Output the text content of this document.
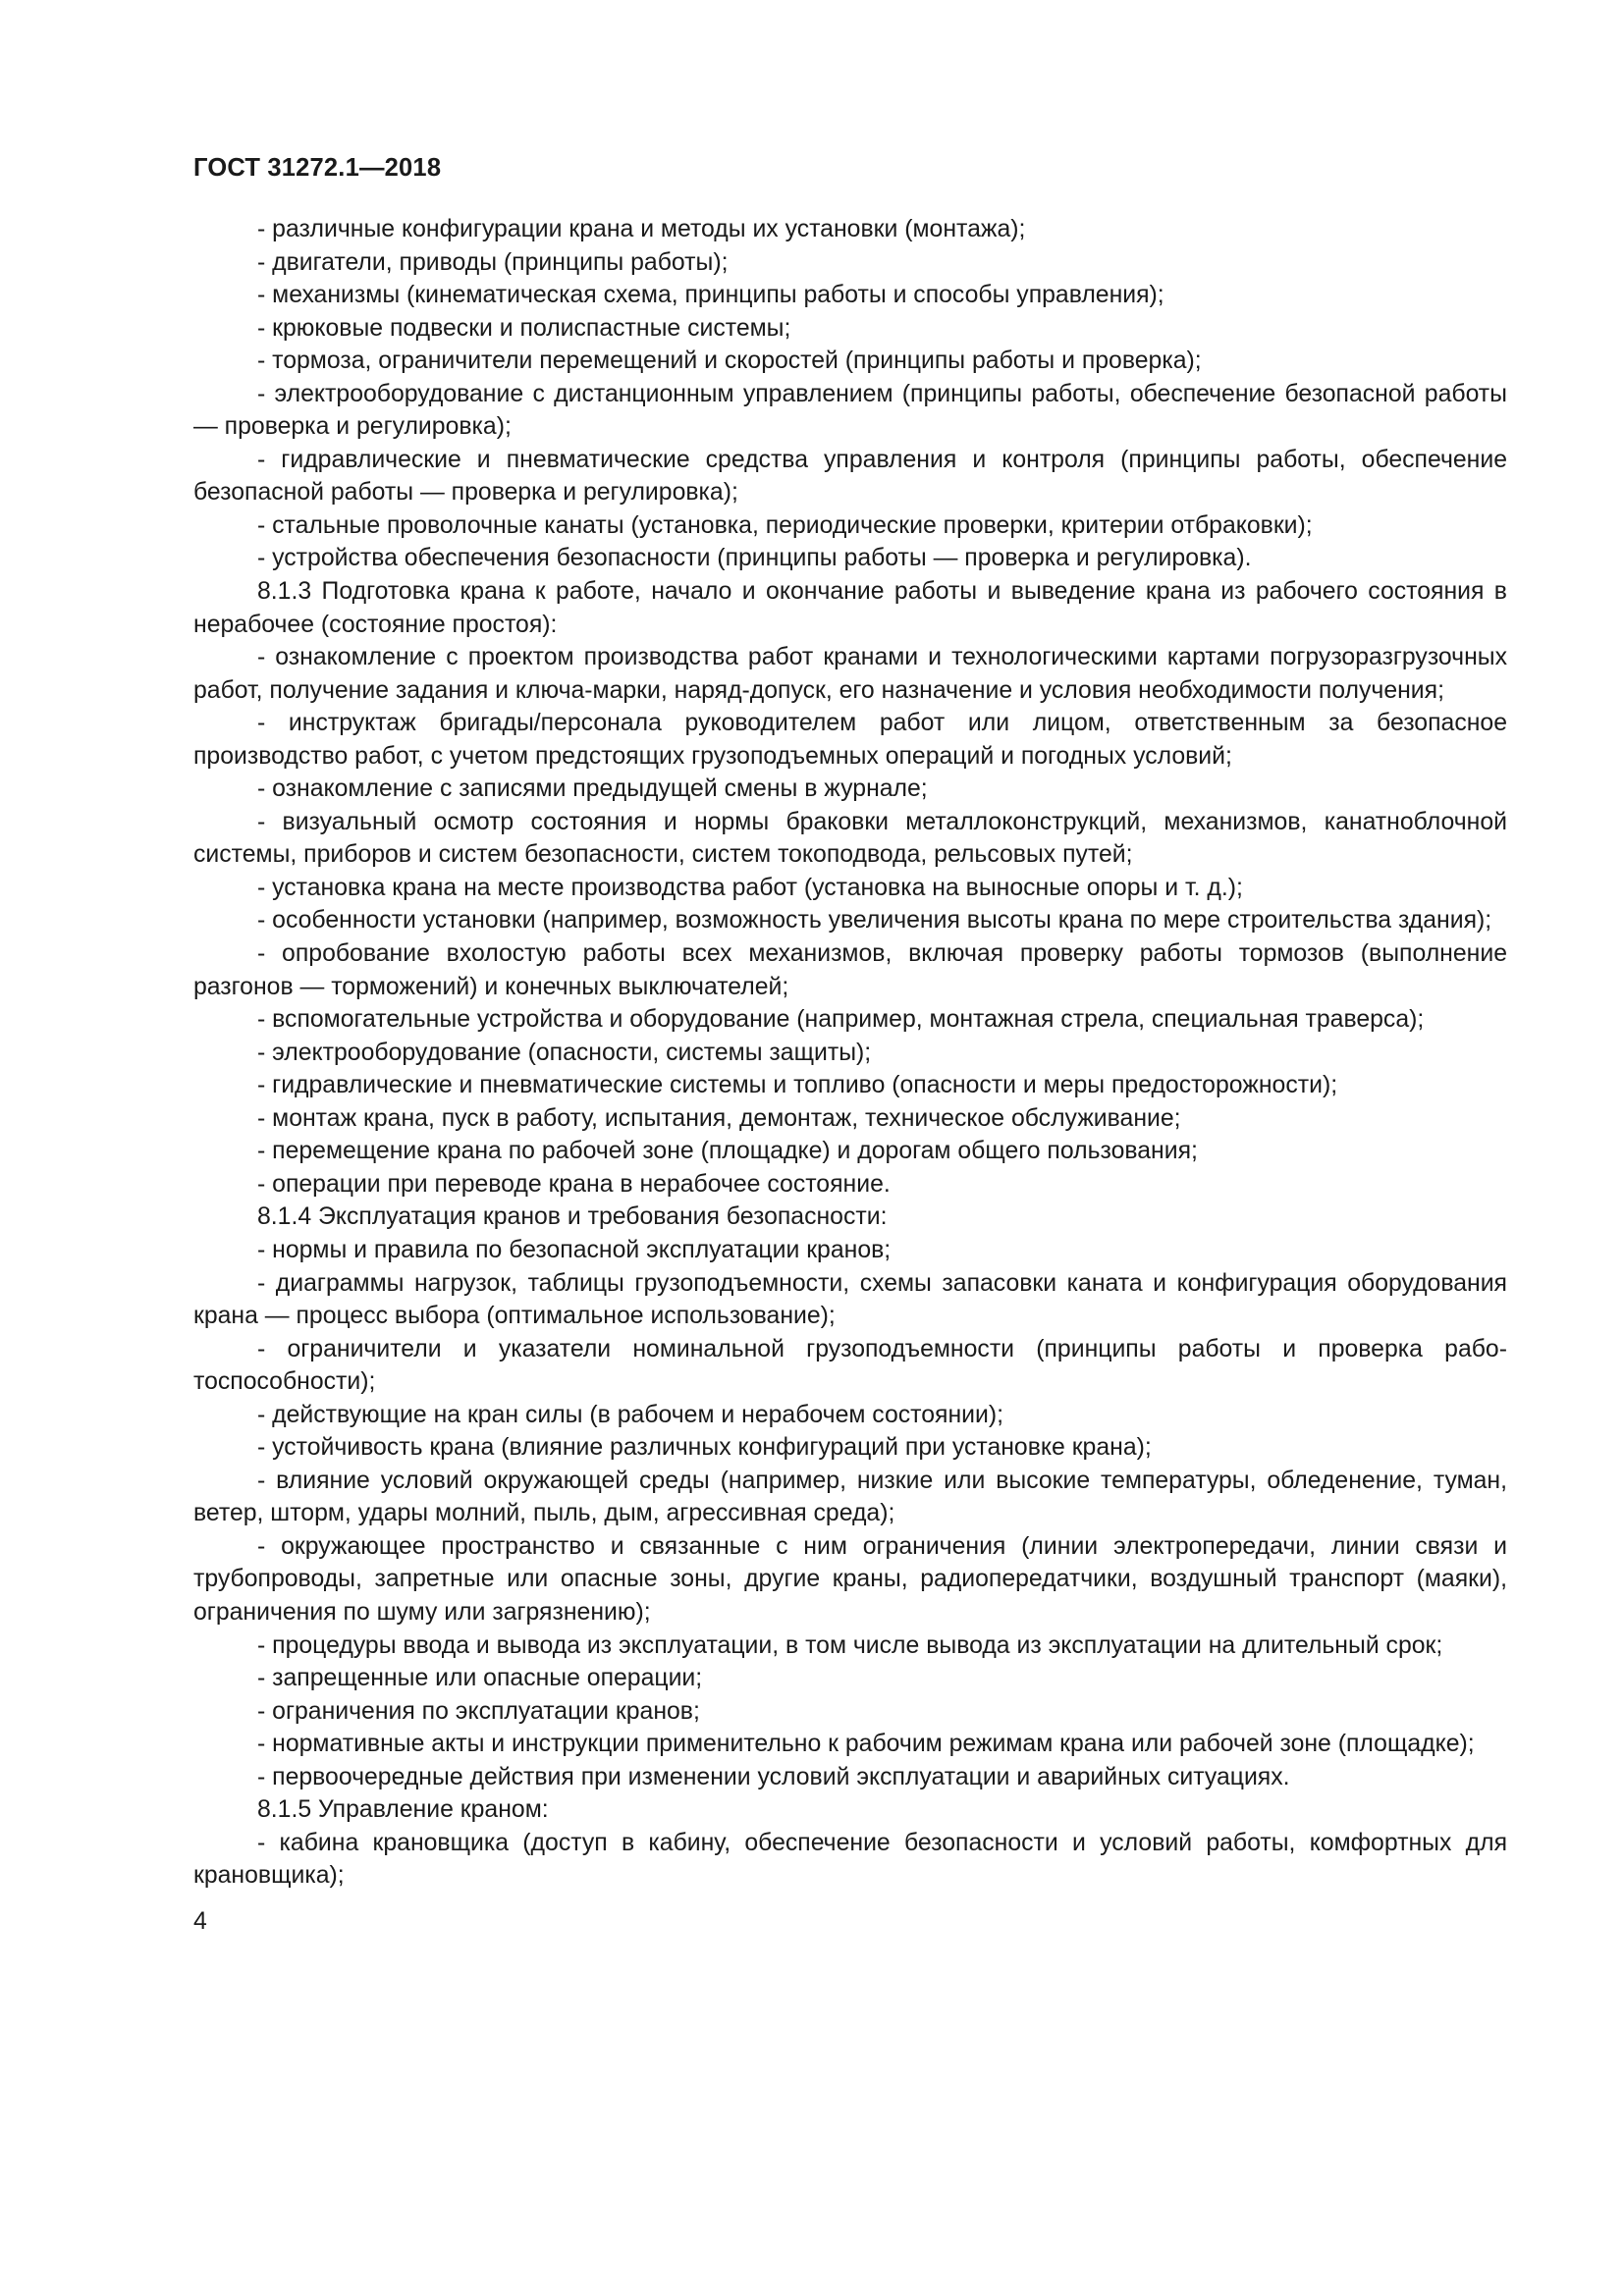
ГОСТ 31272.1—2018

- различные конфигурации крана и методы их установки (монтажа);

- двигатели, приводы (принципы работы);

- механизмы (кинематическая схема, принципы работы и способы управления);

- крюковые подвески и полиспастные системы;

- тормоза, ограничители перемещений и скоростей (принципы работы и проверка);

- электрооборудование с дистанционным управлением (принципы работы, обеспечение безопасной работы — проверка и регулировка);

- гидравлические и пневматические средства управления и контроля (принципы работы, обеспечение безопасной работы — проверка и регулировка);

- стальные проволочные канаты (установка, периодические проверки, критерии отбраковки);

- устройства обеспечения безопасности (принципы работы — проверка и регулировка).

8.1.3 Подготовка крана к работе, начало и окончание работы и выведение крана из рабочего состояния в нерабочее (состояние простоя):

- ознакомление с проектом производства работ кранами и технологическими картами погрузоразгрузочных работ, получение задания и ключа-марки, наряд-допуск, его назначение и условия необходимости получения;

- инструктаж бригады/персонала руководителем работ или лицом, ответственным за безопасное производство работ, с учетом предстоящих грузоподъемных операций и погодных условий;

- ознакомление с записями предыдущей смены в журнале;

- визуальный осмотр состояния и нормы браковки металлоконструкций, механизмов, канатноблочной системы, приборов и систем безопасности, систем токоподвода, рельсовых путей;

- установка крана на месте производства работ (установка на выносные опоры и т. д.);

- особенности установки (например, возможность увеличения высоты крана по мере строительства здания);

- опробование вхолостую работы всех механизмов, включая проверку работы тормозов (выполнение разгонов — торможений) и конечных выключателей;

- вспомогательные устройства и оборудование (например, монтажная стрела, специальная траверса);

- электрооборудование (опасности, системы защиты);

- гидравлические и пневматические системы и топливо (опасности и меры предосторожности);

- монтаж крана, пуск в работу, испытания, демонтаж, техническое обслуживание;

- перемещение крана по рабочей зоне (площадке) и дорогам общего пользования;

- операции при переводе крана в нерабочее состояние.

8.1.4 Эксплуатация кранов и требования безопасности:

- нормы и правила по безопасной эксплуатации кранов;

- диаграммы нагрузок, таблицы грузоподъемности, схемы запасовки каната и конфигурация оборудования крана — процесс выбора (оптимальное использование);

- ограничители и указатели номинальной грузоподъемности (принципы работы и проверка работоспособности);

- действующие на кран силы (в рабочем и нерабочем состоянии);

- устойчивость крана (влияние различных конфигураций при установке крана);

- влияние условий окружающей среды (например, низкие или высокие температуры, обледенение, туман, ветер, шторм, удары молний, пыль, дым, агрессивная среда);

- окружающее пространство и связанные с ним ограничения (линии электропередачи, линии связи и трубопроводы, запретные или опасные зоны, другие краны, радиопередатчики, воздушный транспорт (маяки), ограничения по шуму или загрязнению);

- процедуры ввода и вывода из эксплуатации, в том числе вывода из эксплуатации на длительный срок;

- запрещенные или опасные операции;

- ограничения по эксплуатации кранов;

- нормативные акты и инструкции применительно к рабочим режимам крана или рабочей зоне (площадке);

- первоочередные действия при изменении условий эксплуатации и аварийных ситуациях.

8.1.5 Управление краном:

- кабина крановщика (доступ в кабину, обеспечение безопасности и условий работы, комфортных для крановщика);

4
